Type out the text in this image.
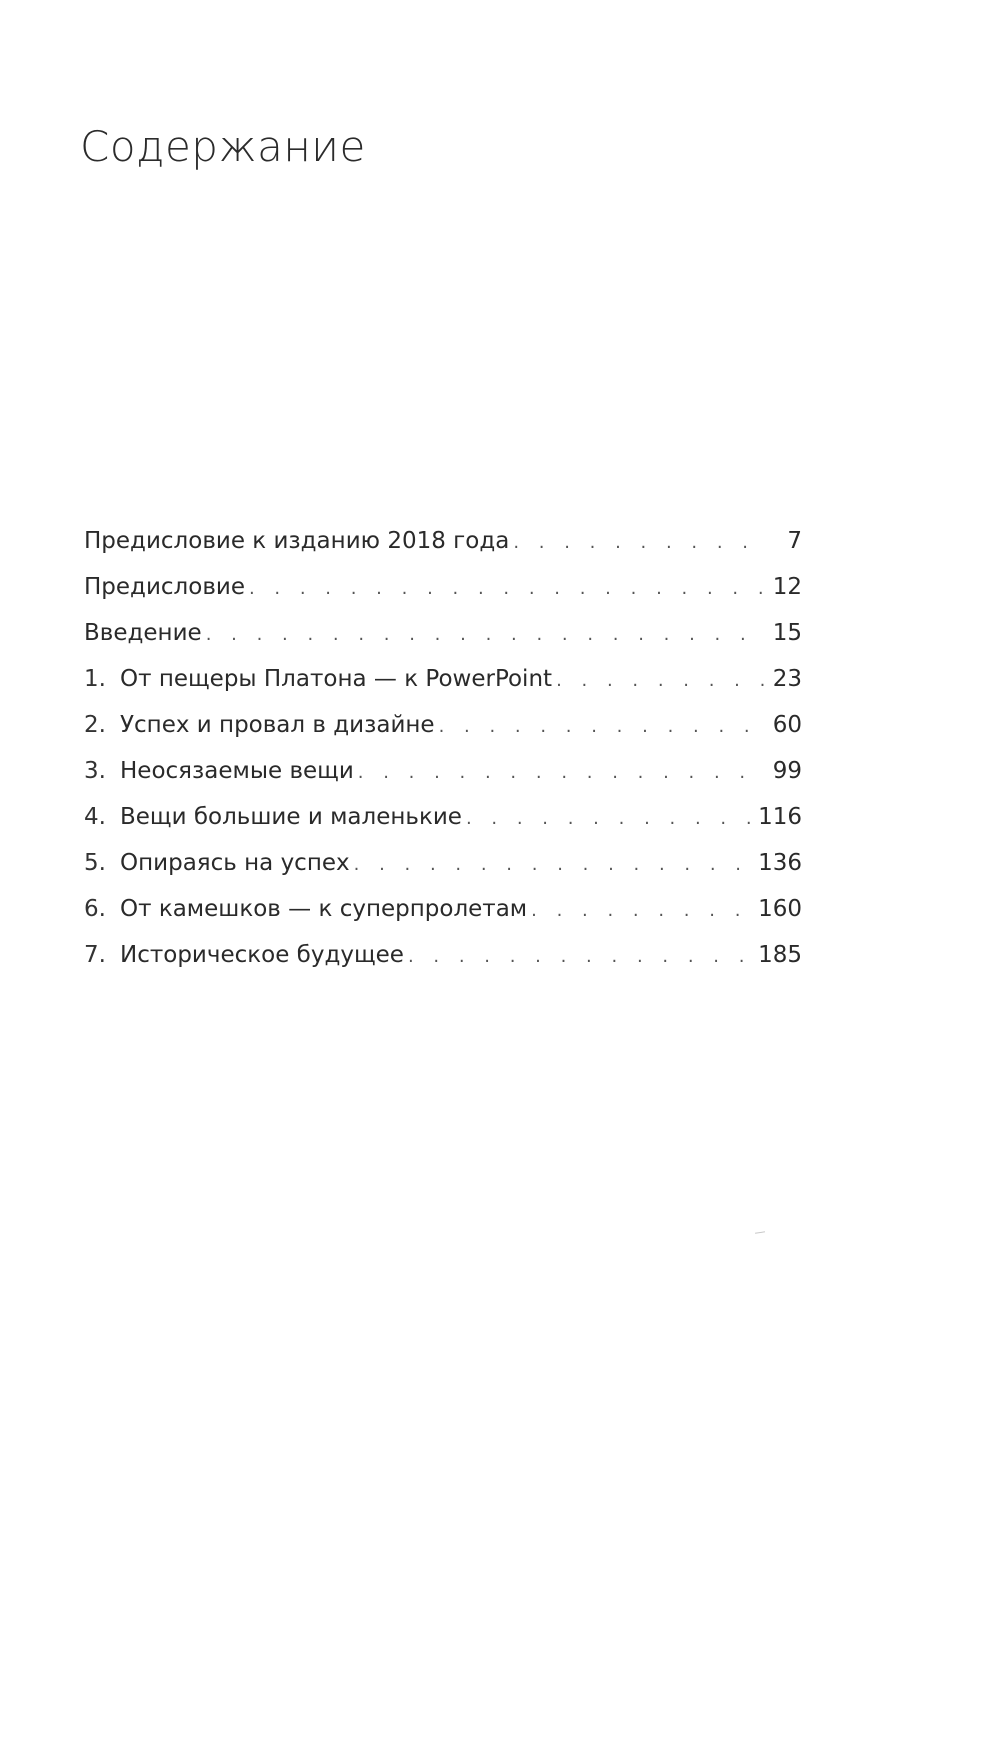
Содержание
Предисловие к изданию 2018 года . . .	7
Предисловие . . .	12
Введение . . .	15
1. От пещеры Платона — к PowerPoint . . .	23
2. Успех и провал в дизайне . . .	60
3. Неосязаемые вещи . . .	99
4. Вещи большие и маленькие . . .	116
5. Опираясь на успех . . .	136
6. От камешков — к суперпролетам . . .	160
7. Историческое будущее . . .	185
